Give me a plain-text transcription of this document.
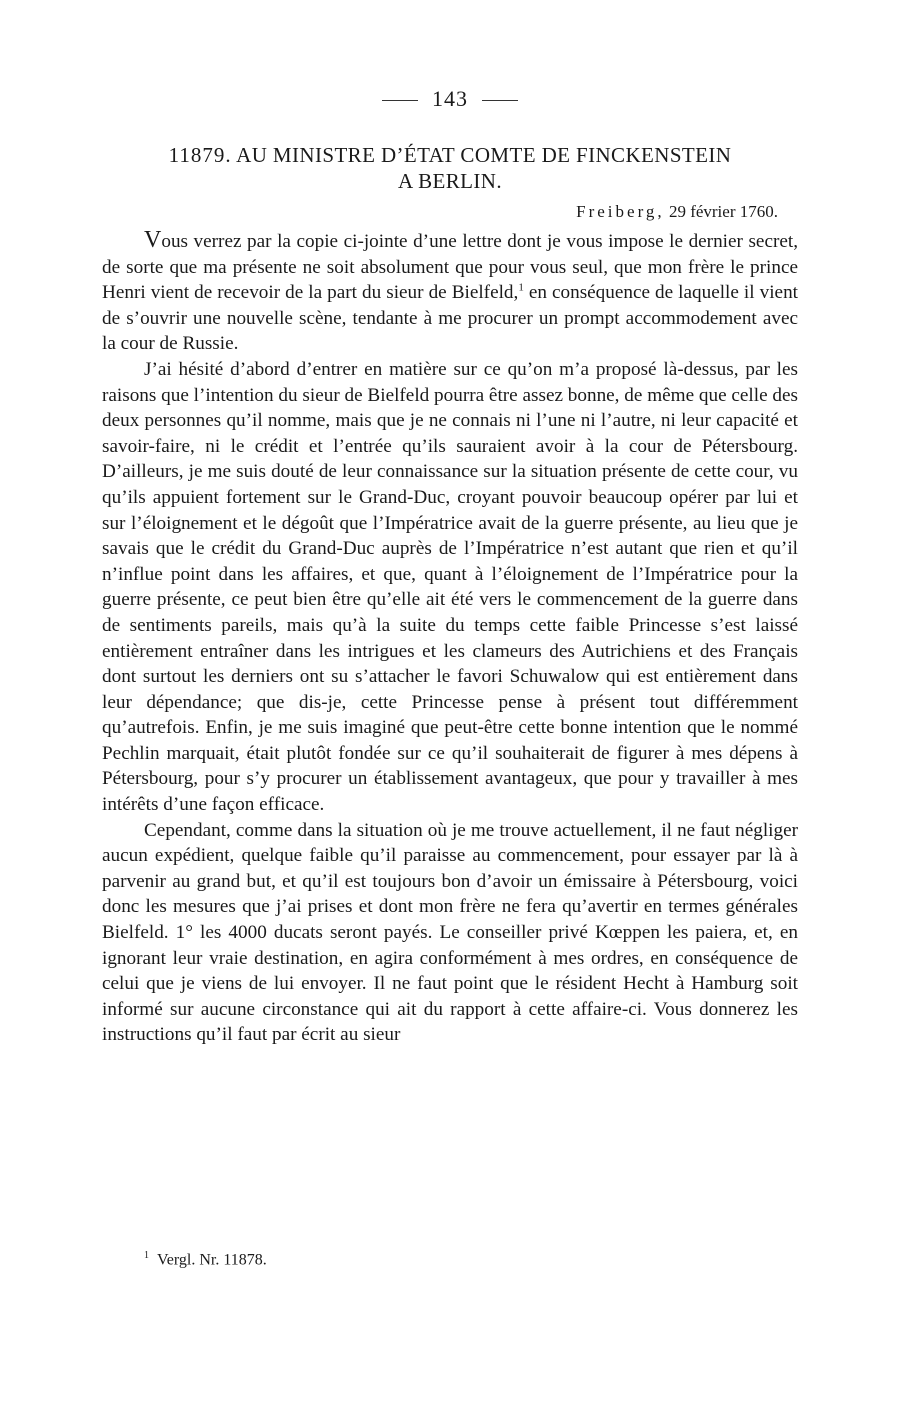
143
11879. AU MINISTRE D’ÉTAT COMTE DE FINCKENSTEIN
A BERLIN.
Freiberg, 29 février 1760.

Vous verrez par la copie ci-jointe d’une lettre dont je vous impose le dernier secret, de sorte que ma présente ne soit absolument que pour vous seul, que mon frère le prince Henri vient de recevoir de la part du sieur de Bielfeld,$^1$ en conséquence de laquelle il vient de s’ouvrir une nouvelle scène, tendante à me procurer un prompt accommodement avec la cour de Russie.

J’ai hésité d’abord d’entrer en matière sur ce qu’on m’a proposé là-dessus, par les raisons que l’intention du sieur de Bielfeld pourra être assez bonne, de même que celle des deux personnes qu’il nomme, mais que je ne connais ni l’une ni l’autre, ni leur capacité et savoir-faire, ni le crédit et l’entrée qu’ils sauraient avoir à la cour de Pétersbourg. D’ailleurs, je me suis douté de leur connaissance sur la situation présente de cette cour, vu qu’ils appuient fortement sur le Grand-Duc, croyant pouvoir beaucoup opérer par lui et sur l’éloignement et le dégoût que l’Impératrice avait de la guerre présente, au lieu que je savais que le crédit du Grand-Duc auprès de l’Impératrice n’est autant que rien et qu’il n’influe point dans les affaires, et que, quant à l’éloignement de l’Impératrice pour la guerre présente, ce peut bien être qu’elle ait été vers le commencement de la guerre dans de sentiments pareils, mais qu’à la suite du temps cette faible Princesse s’est laissé entièrement entraîner dans les intrigues et les clameurs des Autrichiens et des Français dont surtout les derniers ont su s’attacher le favori Schuwalow qui est entièrement dans leur dépendance; que dis-je, cette Princesse pense à présent tout différemment qu’autrefois. Enfin, je me suis imaginé que peut-être cette bonne intention que le nommé Pechlin marquait, était plutôt fondée sur ce qu’il souhaiterait de figurer à mes dépens à Pétersbourg, pour s’y procurer un établissement avantageux, que pour y travailler à mes intérêts d’une façon efficace.

Cependant, comme dans la situation où je me trouve actuellement, il ne faut négliger aucun expédient, quelque faible qu’il paraisse au commencement, pour essayer par là à parvenir au grand but, et qu’il est toujours bon d’avoir un émissaire à Pétersbourg, voici donc les mesures que j’ai prises et dont mon frère ne fera qu’avertir en termes générales Bielfeld. 1° les 4000 ducats seront payés. Le conseiller privé Kœppen les paiera, et, en ignorant leur vraie destination, en agira conformément à mes ordres, en conséquence de celui que je viens de lui envoyer. Il ne faut point que le résident Hecht à Hamburg soit informé sur aucune circonstance qui ait du rapport à cette affaire-ci. Vous donnerez les instructions qu’il faut par écrit au sieur

$^1$ Vergl. Nr. 11878.
